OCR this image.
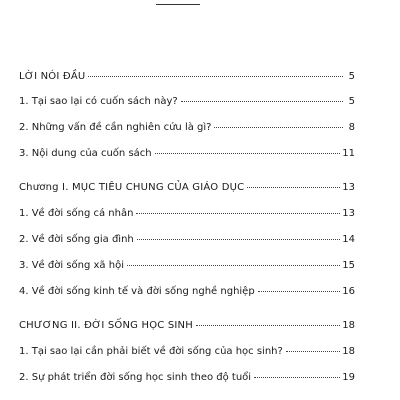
LỜI NÓI ĐẦU	5
1. Tại sao lại có cuốn sách này?	5
2. Những vấn đề cần nghiên cứu là gì?	8
3. Nội dung của cuốn sách	11
Chương I. MỤC TIÊU CHUNG CỦA GIÁO DỤC	13
1. Về đời sống cá nhân	13
2. Về đời sống gia đình	14
3. Về đời sống xã hội	15
4. Về đời sống kinh tế và đời sống nghề nghiệp	16
CHƯƠNG II. ĐỜI SỐNG HỌC SINH	18
1. Tại sao lại cần phải biết về đời sống của học sinh?	18
2. Sự phát triển đời sống học sinh theo độ tuổi	19
